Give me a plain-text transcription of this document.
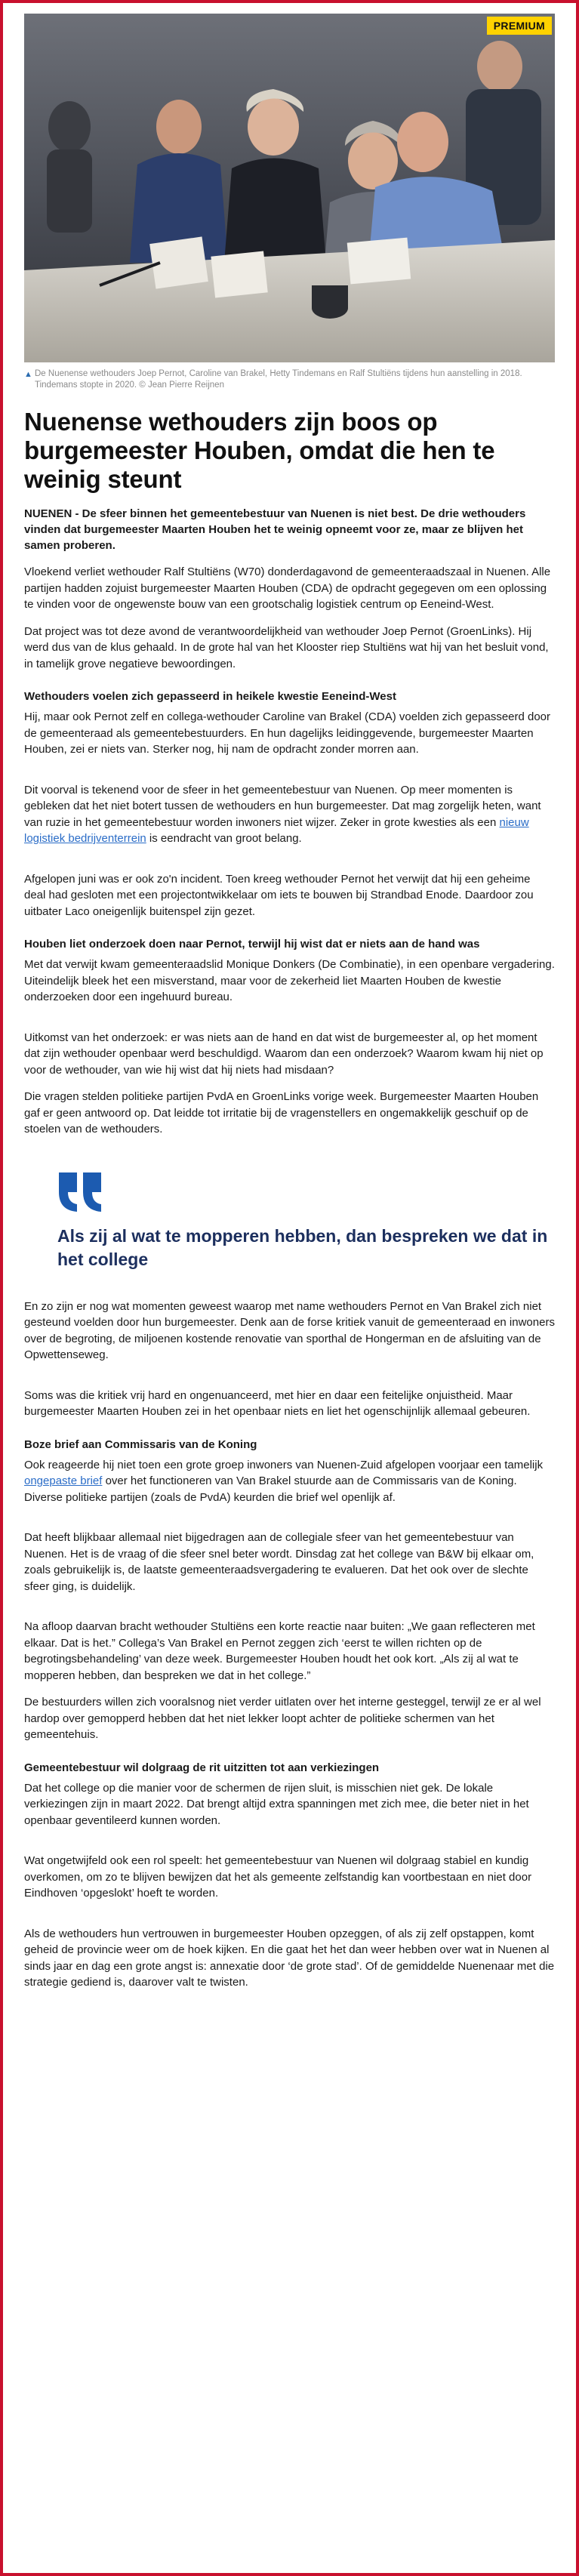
PREMIUM
▲ De Nuenense wethouders Joep Pernot, Caroline van Brakel, Hetty Tindemans en Ralf Stultiëns tijdens hun aanstelling in 2018. Tindemans stopte in 2020. © Jean Pierre Reijnen
Nuenense wethouders zijn boos op burgemeester Houben, omdat die hen te weinig steunt

NUENEN - De sfeer binnen het gemeentebestuur van Nuenen is niet best. De drie wethouders vinden dat burgemeester Maarten Houben het te weinig opneemt voor ze, maar ze blijven het samen proberen.

Vloekend verliet wethouder Ralf Stultiëns (W70) donderdagavond de gemeenteraadszaal in Nuenen. Alle partijen hadden zojuist burgemeester Maarten Houben (CDA) de opdracht gegegeven om een oplossing te vinden voor de ongewenste bouw van een grootschalig logistiek centrum op Eeneind-West.

Dat project was tot deze avond de verantwoordelijkheid van wethouder Joep Pernot (GroenLinks). Hij werd dus van de klus gehaald. In de grote hal van het Klooster riep Stultiëns wat hij van het besluit vond, in tamelijk grove negatieve bewoordingen.

Wethouders voelen zich gepasseerd in heikele kwestie Eeneind-West

Hij, maar ook Pernot zelf en collega-wethouder Caroline van Brakel (CDA) voelden zich gepasseerd door de gemeenteraad als gemeentebestuurders. En hun dagelijks leidinggevende, burgemeester Maarten Houben, zei er niets van. Sterker nog, hij nam de opdracht zonder morren aan.

Dit voorval is tekenend voor de sfeer in het gemeentebestuur van Nuenen. Op meer momenten is gebleken dat het niet botert tussen de wethouders en hun burgemeester. Dat mag zorgelijk heten, want van ruzie in het gemeentebestuur worden inwoners niet wijzer. Zeker in grote kwesties als een nieuw logistiek bedrijventerrein is eendracht van groot belang.

Afgelopen juni was er ook zo'n incident. Toen kreeg wethouder Pernot het verwijt dat hij een geheime deal had gesloten met een projectontwikkelaar om iets te bouwen bij Strandbad Enode. Daardoor zou uitbater Laco oneigenlijk buitenspel zijn gezet.

Houben liet onderzoek doen naar Pernot, terwijl hij wist dat er niets aan de hand was

Met dat verwijt kwam gemeenteraadslid Monique Donkers (De Combinatie), in een openbare vergadering. Uiteindelijk bleek het een misverstand, maar voor de zekerheid liet Maarten Houben de kwestie onderzoeken door een ingehuurd bureau.

Uitkomst van het onderzoek: er was niets aan de hand en dat wist de burgemeester al, op het moment dat zijn wethouder openbaar werd beschuldigd. Waarom dan een onderzoek? Waarom kwam hij niet op voor de wethouder, van wie hij wist dat hij niets had misdaan?

Die vragen stelden politieke partijen PvdA en GroenLinks vorige week. Burgemeester Maarten Houben gaf er geen antwoord op. Dat leidde tot irritatie bij de vragenstellers en ongemakkelijk geschuif op de stoelen van de wethouders.

Als zij al wat te mopperen hebben, dan bespreken we dat in het college

En zo zijn er nog wat momenten geweest waarop met name wethouders Pernot en Van Brakel zich niet gesteund voelden door hun burgemeester. Denk aan de forse kritiek vanuit de gemeenteraad en inwoners over de begroting, de miljoenen kostende renovatie van sporthal de Hongerman en de afsluiting van de Opwettenseweg.

Soms was die kritiek vrij hard en ongenuanceerd, met hier en daar een feitelijke onjuistheid. Maar burgemeester Maarten Houben zei in het openbaar niets en liet het ogenschijnlijk allemaal gebeuren.

Boze brief aan Commissaris van de Koning

Ook reageerde hij niet toen een grote groep inwoners van Nuenen-Zuid afgelopen voorjaar een tamelijk ongepaste brief over het functioneren van Van Brakel stuurde aan de Commissaris van de Koning. Diverse politieke partijen (zoals de PvdA) keurden die brief wel openlijk af.

Dat heeft blijkbaar allemaal niet bijgedragen aan de collegiale sfeer van het gemeentebestuur van Nuenen. Het is de vraag of die sfeer snel beter wordt. Dinsdag zat het college van B&W bij elkaar om, zoals gebruikelijk is, de laatste gemeenteraadsvergadering te evalueren. Dat het ook over de slechte sfeer ging, is duidelijk.

Na afloop daarvan bracht wethouder Stultiëns een korte reactie naar buiten: „We gaan reflecteren met elkaar. Dat is het.” Collega’s Van Brakel en Pernot zeggen zich ‘eerst te willen richten op de begrotingsbehandeling’ van deze week. Burgemeester Houben houdt het ook kort. „Als zij al wat te mopperen hebben, dan bespreken we dat in het college.”

De bestuurders willen zich vooralsnog niet verder uitlaten over het interne gesteggel, terwijl ze er al wel hardop over gemopperd hebben dat het niet lekker loopt achter de politieke schermen van het gemeentehuis.

Gemeentebestuur wil dolgraag de rit uitzitten tot aan verkiezingen

Dat het college op die manier voor de schermen de rijen sluit, is misschien niet gek. De lokale verkiezingen zijn in maart 2022. Dat brengt altijd extra spanningen met zich mee, die beter niet in het openbaar geventileerd kunnen worden.

Wat ongetwijfeld ook een rol speelt: het gemeentebestuur van Nuenen wil dolgraag stabiel en kundig overkomen, om zo te blijven bewijzen dat het als gemeente zelfstandig kan voortbestaan en niet door Eindhoven ‘opgeslokt’ hoeft te worden.

Als de wethouders hun vertrouwen in burgemeester Houben opzeggen, of als zij zelf opstappen, komt geheid de provincie weer om de hoek kijken. En die gaat het het dan weer hebben over wat in Nuenen al sinds jaar en dag een grote angst is: annexatie door ‘de grote stad’. Of de gemiddelde Nuenenaar met die strategie gediend is, daarover valt te twisten.
